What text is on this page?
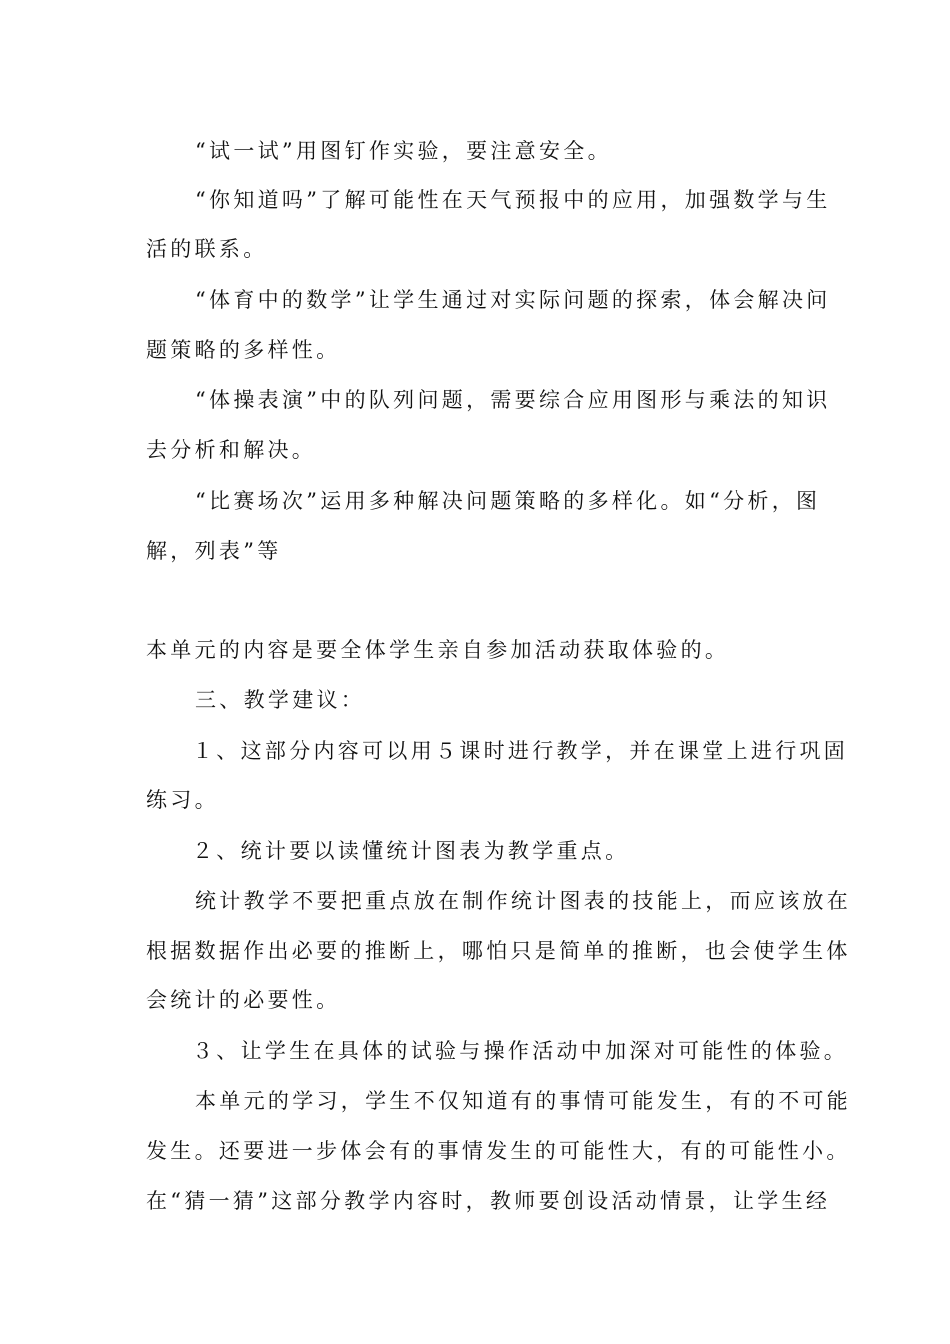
“试一试”用图钉作实验，要注意安全。
“你知道吗”了解可能性在天气预报中的应用，加强数学与生
活的联系。
“体育中的数学”让学生通过对实际问题的探索，体会解决问
题策略的多样性。
“体操表演”中的队列问题，需要综合应用图形与乘法的知识
去分析和解决。
“比赛场次”运用多种解决问题策略的多样化。如“分析，图
解，列表”等
本单元的内容是要全体学生亲自参加活动获取体验的。
三、教学建议：
１、这部分内容可以用５课时进行教学，并在课堂上进行巩固
练习。
２、统计要以读懂统计图表为教学重点。
统计教学不要把重点放在制作统计图表的技能上，而应该放在
根据数据作出必要的推断上，哪怕只是简单的推断，也会使学生体
会统计的必要性。
３、让学生在具体的试验与操作活动中加深对可能性的体验。
本单元的学习，学生不仅知道有的事情可能发生，有的不可能
发生。还要进一步体会有的事情发生的可能性大，有的可能性小。
在“猜一猜”这部分教学内容时，教师要创设活动情景，让学生经
